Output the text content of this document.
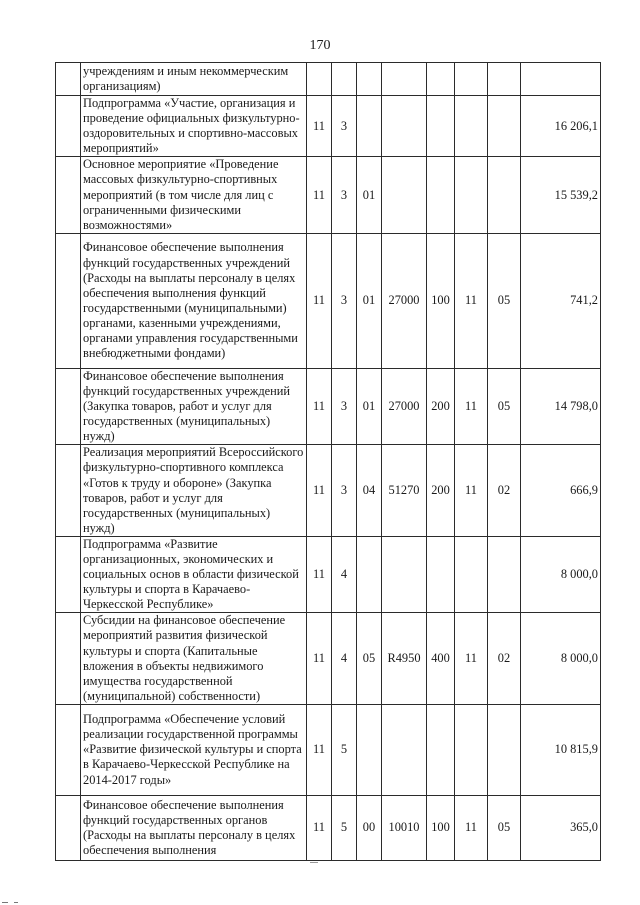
170
	учреждениям и иным некоммерческим организациям)								
	Подпрограмма «Участие, организация и проведение официальных физкультурно-оздоровительных и спортивно-массовых мероприятий»	11	3						16 206,1
	Основное мероприятие «Проведение массовых физкультурно-спортивных мероприятий (в том числе для лиц с ограниченными физическими возможностями»	11	3	01					15 539,2
	Финансовое обеспечение выполнения функций государственных учреждений (Расходы на выплаты персоналу в целях обеспечения выполнения функций государственными (муниципальными) органами, казенными учреждениями, органами управления государственными внебюджетными фондами)	11	3	01	27000	100	11	05	741,2
	Финансовое обеспечение выполнения функций государственных учреждений (Закупка товаров, работ и услуг для государственных (муниципальных) нужд)	11	3	01	27000	200	11	05	14 798,0
	Реализация мероприятий Всероссийского физкультурно-спортивного комплекса «Готов к труду и обороне» (Закупка товаров, работ и услуг для государственных (муниципальных) нужд)	11	3	04	51270	200	11	02	666,9
	Подпрограмма «Развитие организационных, экономических и социальных основ в области физической культуры и спорта в Карачаево-Черкесской Республике»	11	4						8 000,0
	Субсидии на финансовое обеспечение мероприятий развития физической культуры и спорта (Капитальные вложения в объекты недвижимого имущества государственной (муниципальной) собственности)	11	4	05	R4950	400	11	02	8 000,0
	Подпрограмма «Обеспечение условий реализации государственной программы «Развитие физической культуры и спорта в Карачаево-Черкесской Республике на 2014-2017 годы»	11	5						10 815,9
	Финансовое обеспечение выполнения функций государственных органов (Расходы на выплаты персоналу в целях обеспечения выполнения	11	5	00	10010	100	11	05	365,0
